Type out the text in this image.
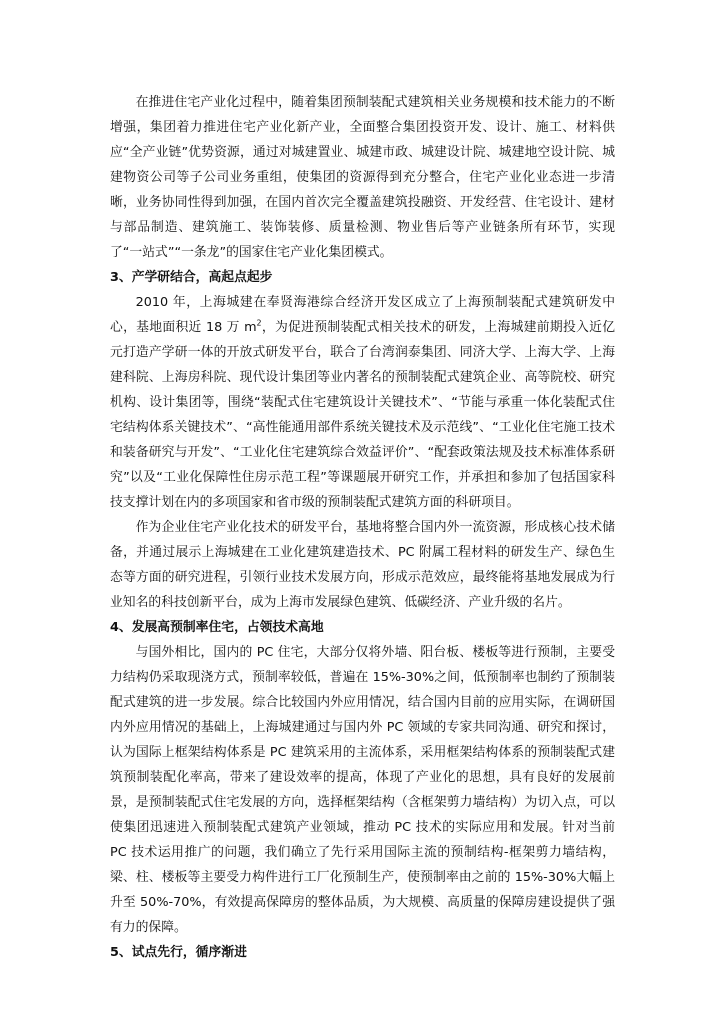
在推进住宅产业化过程中，随着集团预制装配式建筑相关业务规模和技术能力的不断增强，集团着力推进住宅产业化新产业，全面整合集团投资开发、设计、施工、材料供应“全产业链”优势资源，通过对城建置业、城建市政、城建设计院、城建地空设计院、城建物资公司等子公司业务重组，使集团的资源得到充分整合，住宅产业化业态进一步清晰，业务协同性得到加强，在国内首次完全覆盖建筑投融资、开发经营、住宅设计、建材与部品制造、建筑施工、装饰装修、质量检测、物业售后等产业链条所有环节，实现了“一站式”“一条龙”的国家住宅产业化集团模式。

3、产学研结合，高起点起步

2010 年，上海城建在奉贤海港综合经济开发区成立了上海预制装配式建筑研发中心，基地面积近 18 万 $m^2$，为促进预制装配式相关技术的研发，上海城建前期投入近亿元打造产学研一体的开放式研发平台，联合了台湾润泰集团、同济大学、上海大学、上海建科院、上海房科院、现代设计集团等业内著名的预制装配式建筑企业、高等院校、研究机构、设计集团等，围绕“装配式住宅建筑设计关键技术”、“节能与承重一体化装配式住宅结构体系关键技术”、“高性能通用部件系统关键技术及示范线”、“工业化住宅施工技术和装备研究与开发”、“工业化住宅建筑综合效益评价”、“配套政策法规及技术标准体系研究”以及“工业化保障性住房示范工程”等课题展开研究工作，并承担和参加了包括国家科技支撑计划在内的多项国家和省市级的预制装配式建筑方面的科研项目。

作为企业住宅产业化技术的研发平台，基地将整合国内外一流资源，形成核心技术储备，并通过展示上海城建在工业化建筑建造技术、PC 附属工程材料的研发生产、绿色生态等方面的研究进程，引领行业技术发展方向，形成示范效应，最终能将基地发展成为行业知名的科技创新平台，成为上海市发展绿色建筑、低碳经济、产业升级的名片。

4、发展高预制率住宅，占领技术高地

与国外相比，国内的 PC 住宅，大部分仅将外墙、阳台板、楼板等进行预制，主要受力结构仍采取现浇方式，预制率较低，普遍在 15%-30%之间，低预制率也制约了预制装配式建筑的进一步发展。综合比较国内外应用情况，结合国内目前的应用实际，在调研国内外应用情况的基础上，上海城建通过与国内外 PC 领域的专家共同沟通、研究和探讨，认为国际上框架结构体系是 PC 建筑采用的主流体系，采用框架结构体系的预制装配式建筑预制装配化率高，带来了建设效率的提高，体现了产业化的思想，具有良好的发展前景，是预制装配式住宅发展的方向，选择框架结构（含框架剪力墙结构）为切入点，可以使集团迅速进入预制装配式建筑产业领域，推动 PC 技术的实际应用和发展。针对当前 PC 技术运用推广的问题，我们确立了先行采用国际主流的预制结构-框架剪力墙结构，梁、柱、楼板等主要受力构件进行工厂化预制生产，使预制率由之前的 15%-30%大幅上升至 50%-70%，有效提高保障房的整体品质，为大规模、高质量的保障房建设提供了强有力的保障。

5、试点先行，循序渐进
